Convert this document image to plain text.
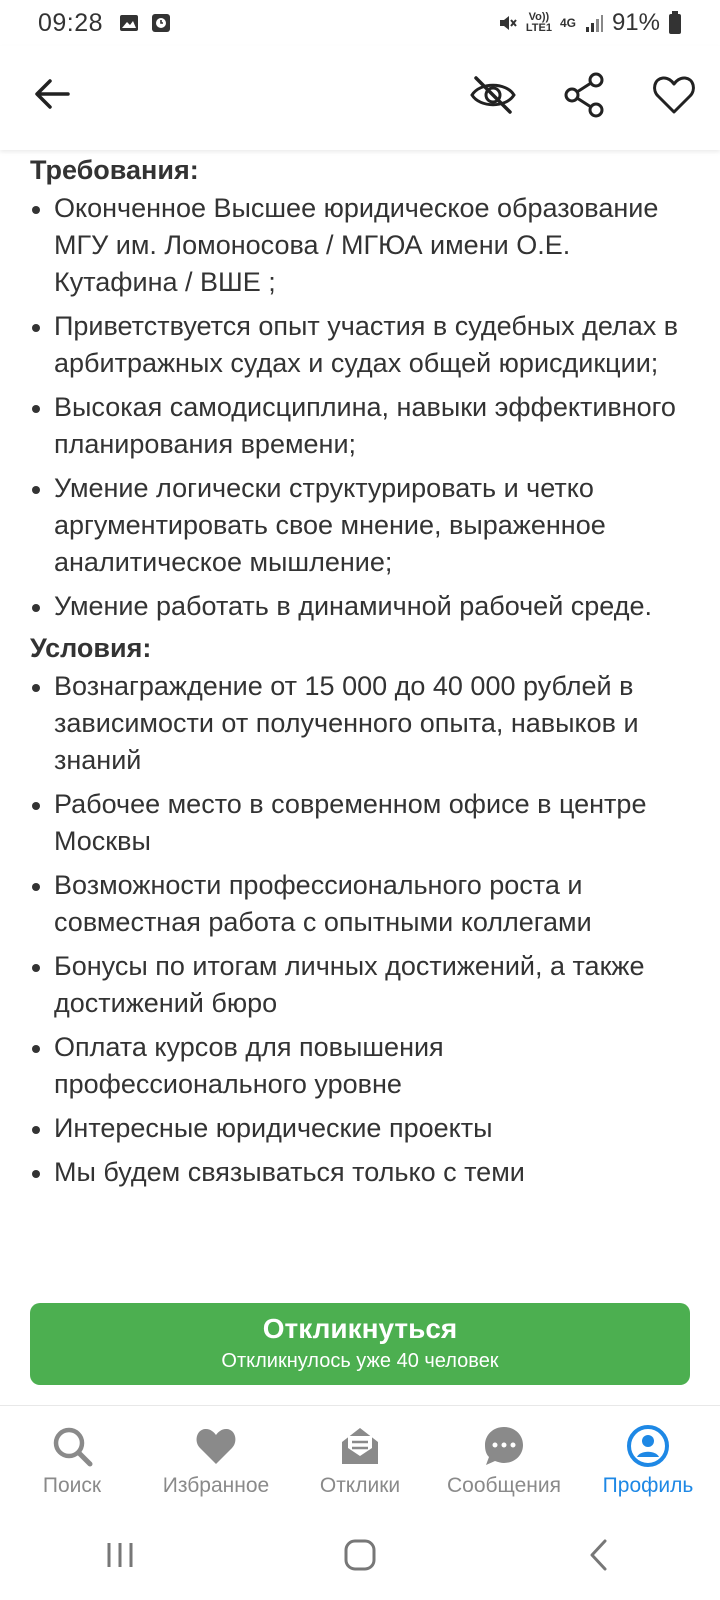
09:28	Vo))
LTE1 4G 91%
Требования:
Оконченное Высшее юридическое образование МГУ им. Ломоносова / МГЮА имени О.Е. Кутафина / ВШЕ ;
Приветствуется опыт участия в судебных делах в арбитражных судах и судах общей юрисдикции;
Высокая самодисциплина, навыки эффективного планирования времени;
Умение логически структурировать и четко аргументировать свое мнение, выраженное аналитическое мышление;
Умение работать в динамичной рабочей среде.
Условия:
Вознаграждение от 15 000 до 40 000 рублей в зависимости от полученного опыта, навыков и знаний
Рабочее место в современном офисе в центре Москвы
Возможности профессионального роста и совместная работа с опытными коллегами
Бонусы по итогам личных достижений, а также достижений бюро
Оплата курсов для повышения профессионального уровне
Интересные юридические проекты
Мы будем связываться только с теми
Откликнуться
Откликнулось уже 40 человек
Поиск	Избранное Отклики Сообщения Профиль
